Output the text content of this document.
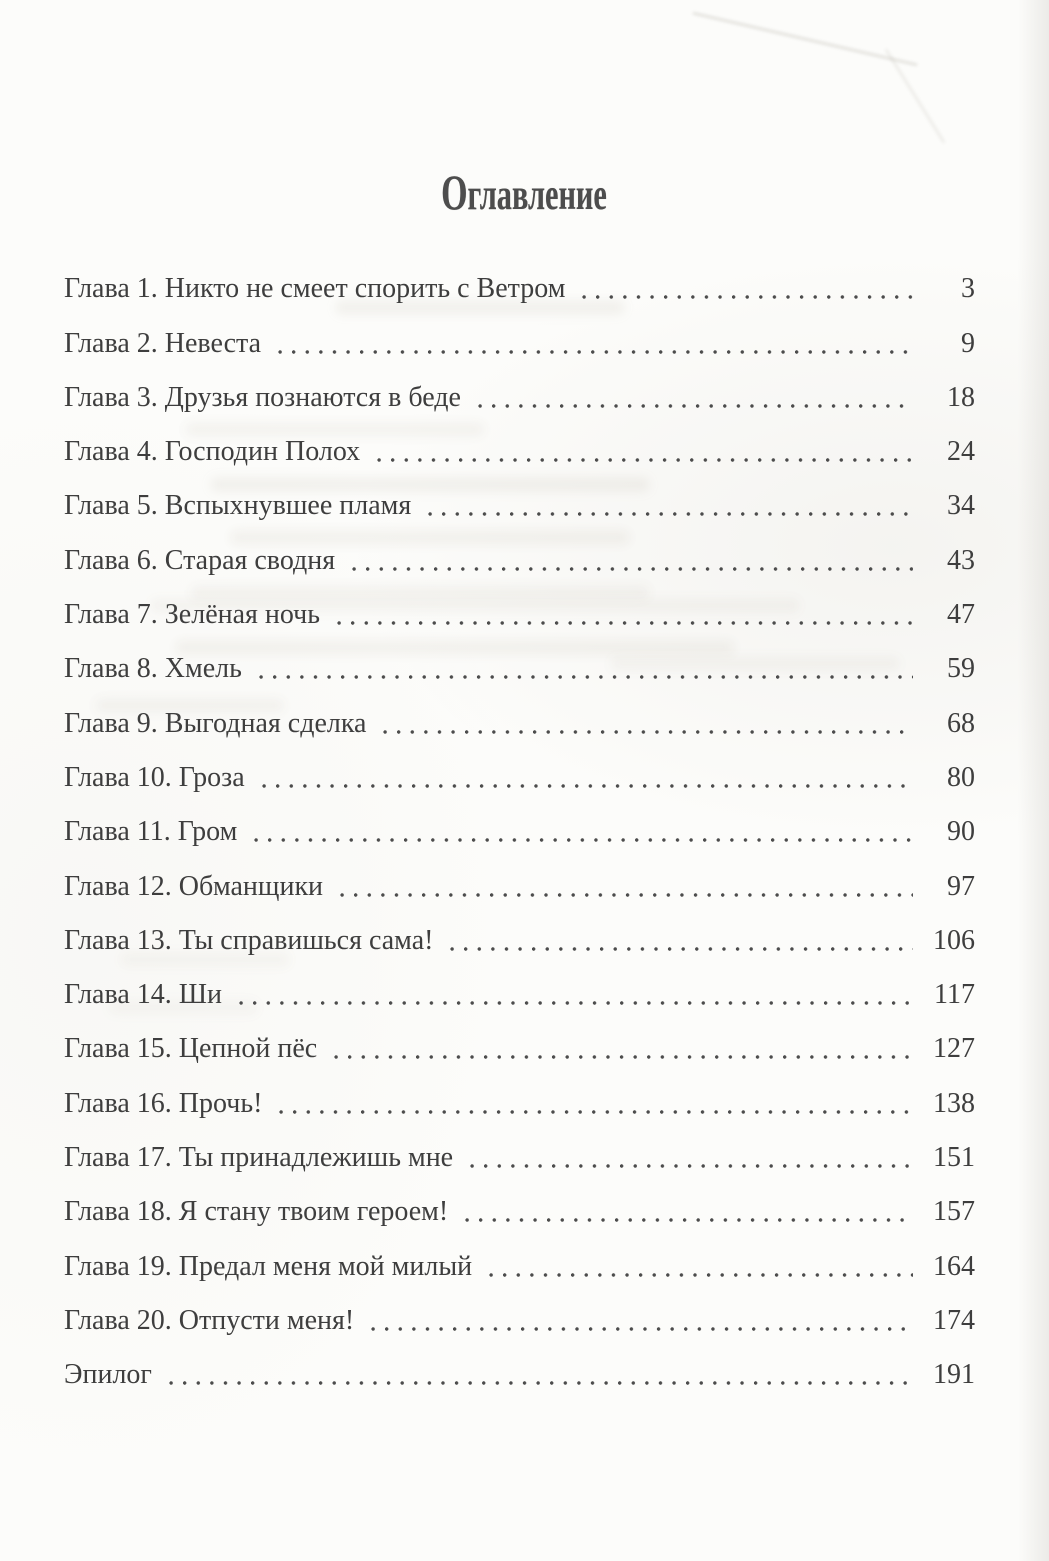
Оглавление
Глава 1. Никто не смеет спорить с Ветром	3
Глава 2. Невеста	9
Глава 3. Друзья познаются в беде	18
Глава 4. Господин Полох	24
Глава 5. Вспыхнувшее пламя	34
Глава 6. Старая сводня	43
Глава 7. Зелёная ночь	47
Глава 8. Хмель	59
Глава 9. Выгодная сделка	68
Глава 10. Гроза	80
Глава 11. Гром	90
Глава 12. Обманщики	97
Глава 13. Ты справишься сама!	106
Глава 14. Ши	117
Глава 15. Цепной пёс	127
Глава 16. Прочь!	138
Глава 17. Ты принадлежишь мне	151
Глава 18. Я стану твоим героем!	157
Глава 19. Предал меня мой милый	164
Глава 20. Отпусти меня!	174
Эпилог	191
